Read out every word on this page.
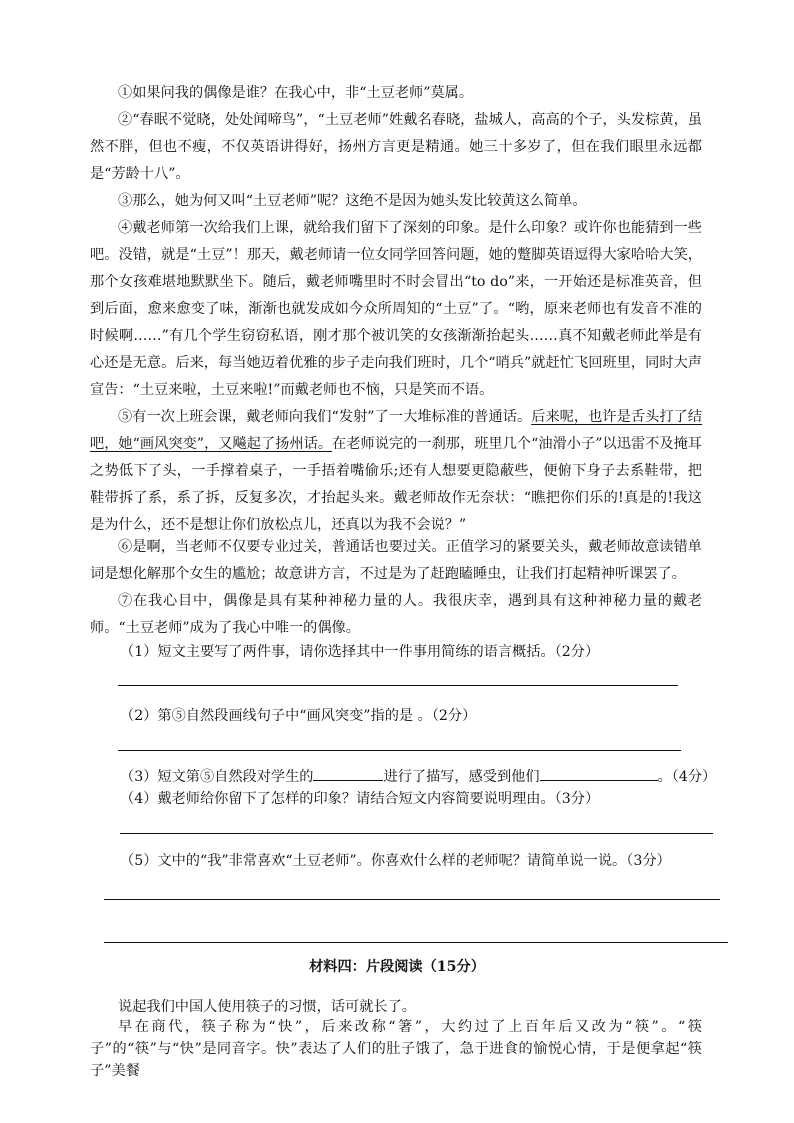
①如果问我的偶像是谁？在我心中，非“土豆老师”莫属。

②“春眠不觉晓，处处闻啼鸟”，“土豆老师”姓戴名春晓，盐城人，高高的个子，头发棕黄，虽然不胖，但也不瘦，不仅英语讲得好，扬州方言更是精通。她三十多岁了，但在我们眼里永远都是“芳龄十八”。

③那么，她为何又叫“土豆老师”呢？这绝不是因为她头发比较黄这么简单。

④戴老师第一次给我们上课，就给我们留下了深刻的印象。是什么印象？或许你也能猜到一些吧。没错，就是“土豆”！那天，戴老师请一位女同学回答问题，她的蹩脚英语逗得大家哈哈大笑，那个女孩难堪地默默坐下。随后，戴老师嘴里时不时会冒出“to do”来，一开始还是标准英音，但到后面，愈来愈变了味，渐渐也就发成如今众所周知的“土豆”了。“哟，原来老师也有发音不准的时候啊……”有几个学生窃窃私语，刚才那个被讥笑的女孩渐渐抬起头……真不知戴老师此举是有心还是无意。后来，每当她迈着优雅的步子走向我们班时，几个“哨兵”就赶忙飞回班里，同时大声宣告：“土豆来啦，土豆来啦!”而戴老师也不恼，只是笑而不语。

⑤有一次上班会课，戴老师向我们“发射”了一大堆标准的普通话。后来呢，也许是舌头打了结吧，她“画风突变”，又飚起了扬州话。在老师说完的一刹那，班里几个“油滑小子”以迅雷不及掩耳之势低下了头，一手撑着桌子，一手捂着嘴偷乐;还有人想要更隐蔽些，便俯下身子去系鞋带，把鞋带拆了系，系了拆，反复多次，才抬起头来。戴老师故作无奈状：“瞧把你们乐的!真是的!我这是为什么，还不是想让你们放松点儿，还真以为我不会说？”

⑥是啊，当老师不仅要专业过关，普通话也要过关。正值学习的紧要关头，戴老师故意读错单词是想化解那个女生的尴尬；故意讲方言，不过是为了赶跑瞌睡虫，让我们打起精神听课罢了。

⑦在我心目中，偶像是具有某种神秘力量的人。我很庆幸，遇到具有这种神秘力量的戴老师。“土豆老师”成为了我心中唯一的偶像。

（1）短文主要写了两件事，请你选择其中一件事用简练的语言概括。（2分）

（2）第⑤自然段画线句子中“画风突变”指的是 。（2分）

（3）短文第⑤自然段对学生的	进行了描写，感受到他们	。（4分）

（4）戴老师给你留下了怎样的印象？请结合短文内容简要说明理由。（3分）

（5）文中的“我”非常喜欢“土豆老师”。你喜欢什么样的老师呢？请简单说一说。（3分）

材料四：片段阅读（15分）

说起我们中国人使用筷子的习惯，话可就长了。

早在商代，筷子称为“快”，后来改称“箸”，大约过了上百年后又改为“筷”。“筷子”的“筷”与“快”是同音字。快”表达了人们的肚子饿了，急于进食的愉悦心情，于是便拿起“筷子”美餐
